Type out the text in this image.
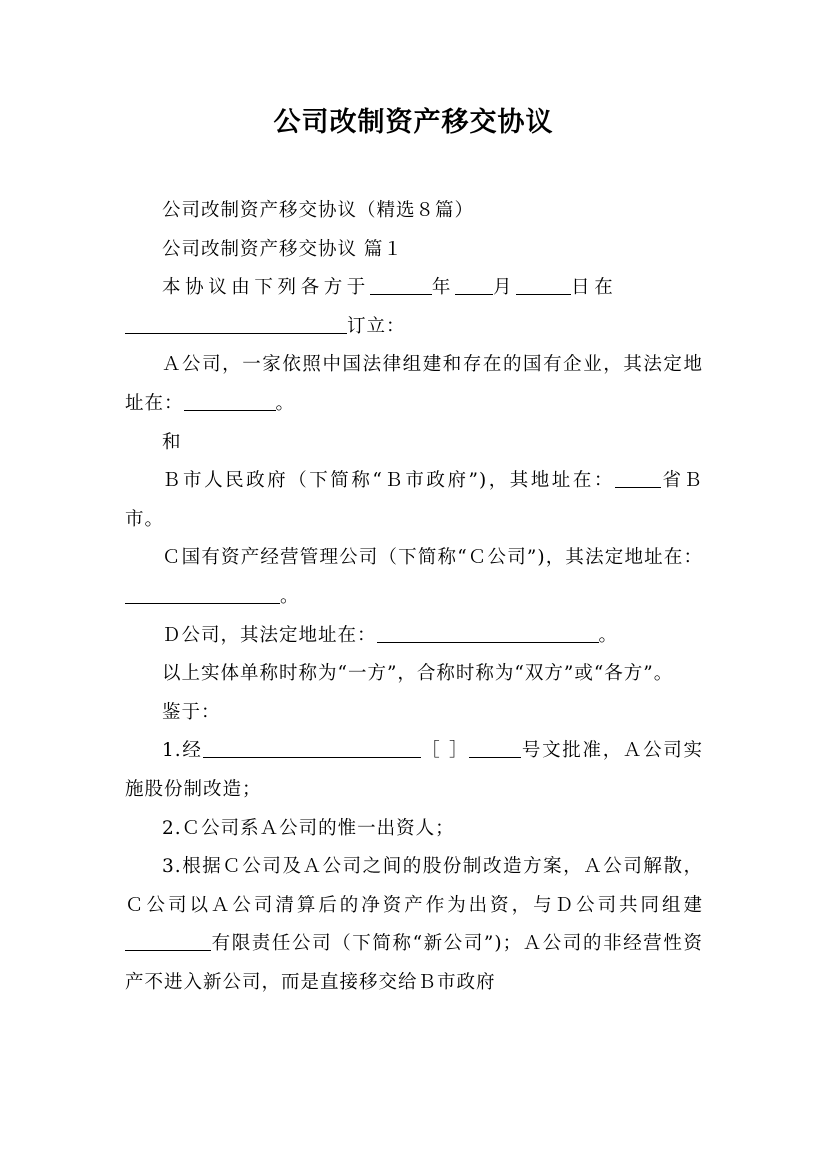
公司改制资产移交协议

公司改制资产移交协议（精选８篇）

公司改制资产移交协议 篇１

本协议由下列各方于	年 月	日在

订立：

Ａ公司，一家依照中国法律组建和存在的国有企业，其法定地址在：	。

和

Ｂ市人民政府（下简称“Ｂ市政府”)，其地址在： 省Ｂ市。

Ｃ国有资产经营管理公司（下简称“Ｃ公司”)，其法定地址在：。

Ｄ公司，其法定地址在：	。

以上实体单称时称为“一方”，合称时称为“双方”或“各方”。

鉴于：

1.经	［ ］	号文批准，Ａ公司实施股份制改造；

2.Ｃ公司系Ａ公司的惟一出资人；

3.根据Ｃ公司及Ａ公司之间的股份制改造方案，Ａ公司解散，Ｃ公司以Ａ公司清算后的净资产作为出资，与Ｄ公司共同组建有限责任公司（下简称“新公司”)；Ａ公司的非经营性资产不进入新公司，而是直接移交给Ｂ市政府
